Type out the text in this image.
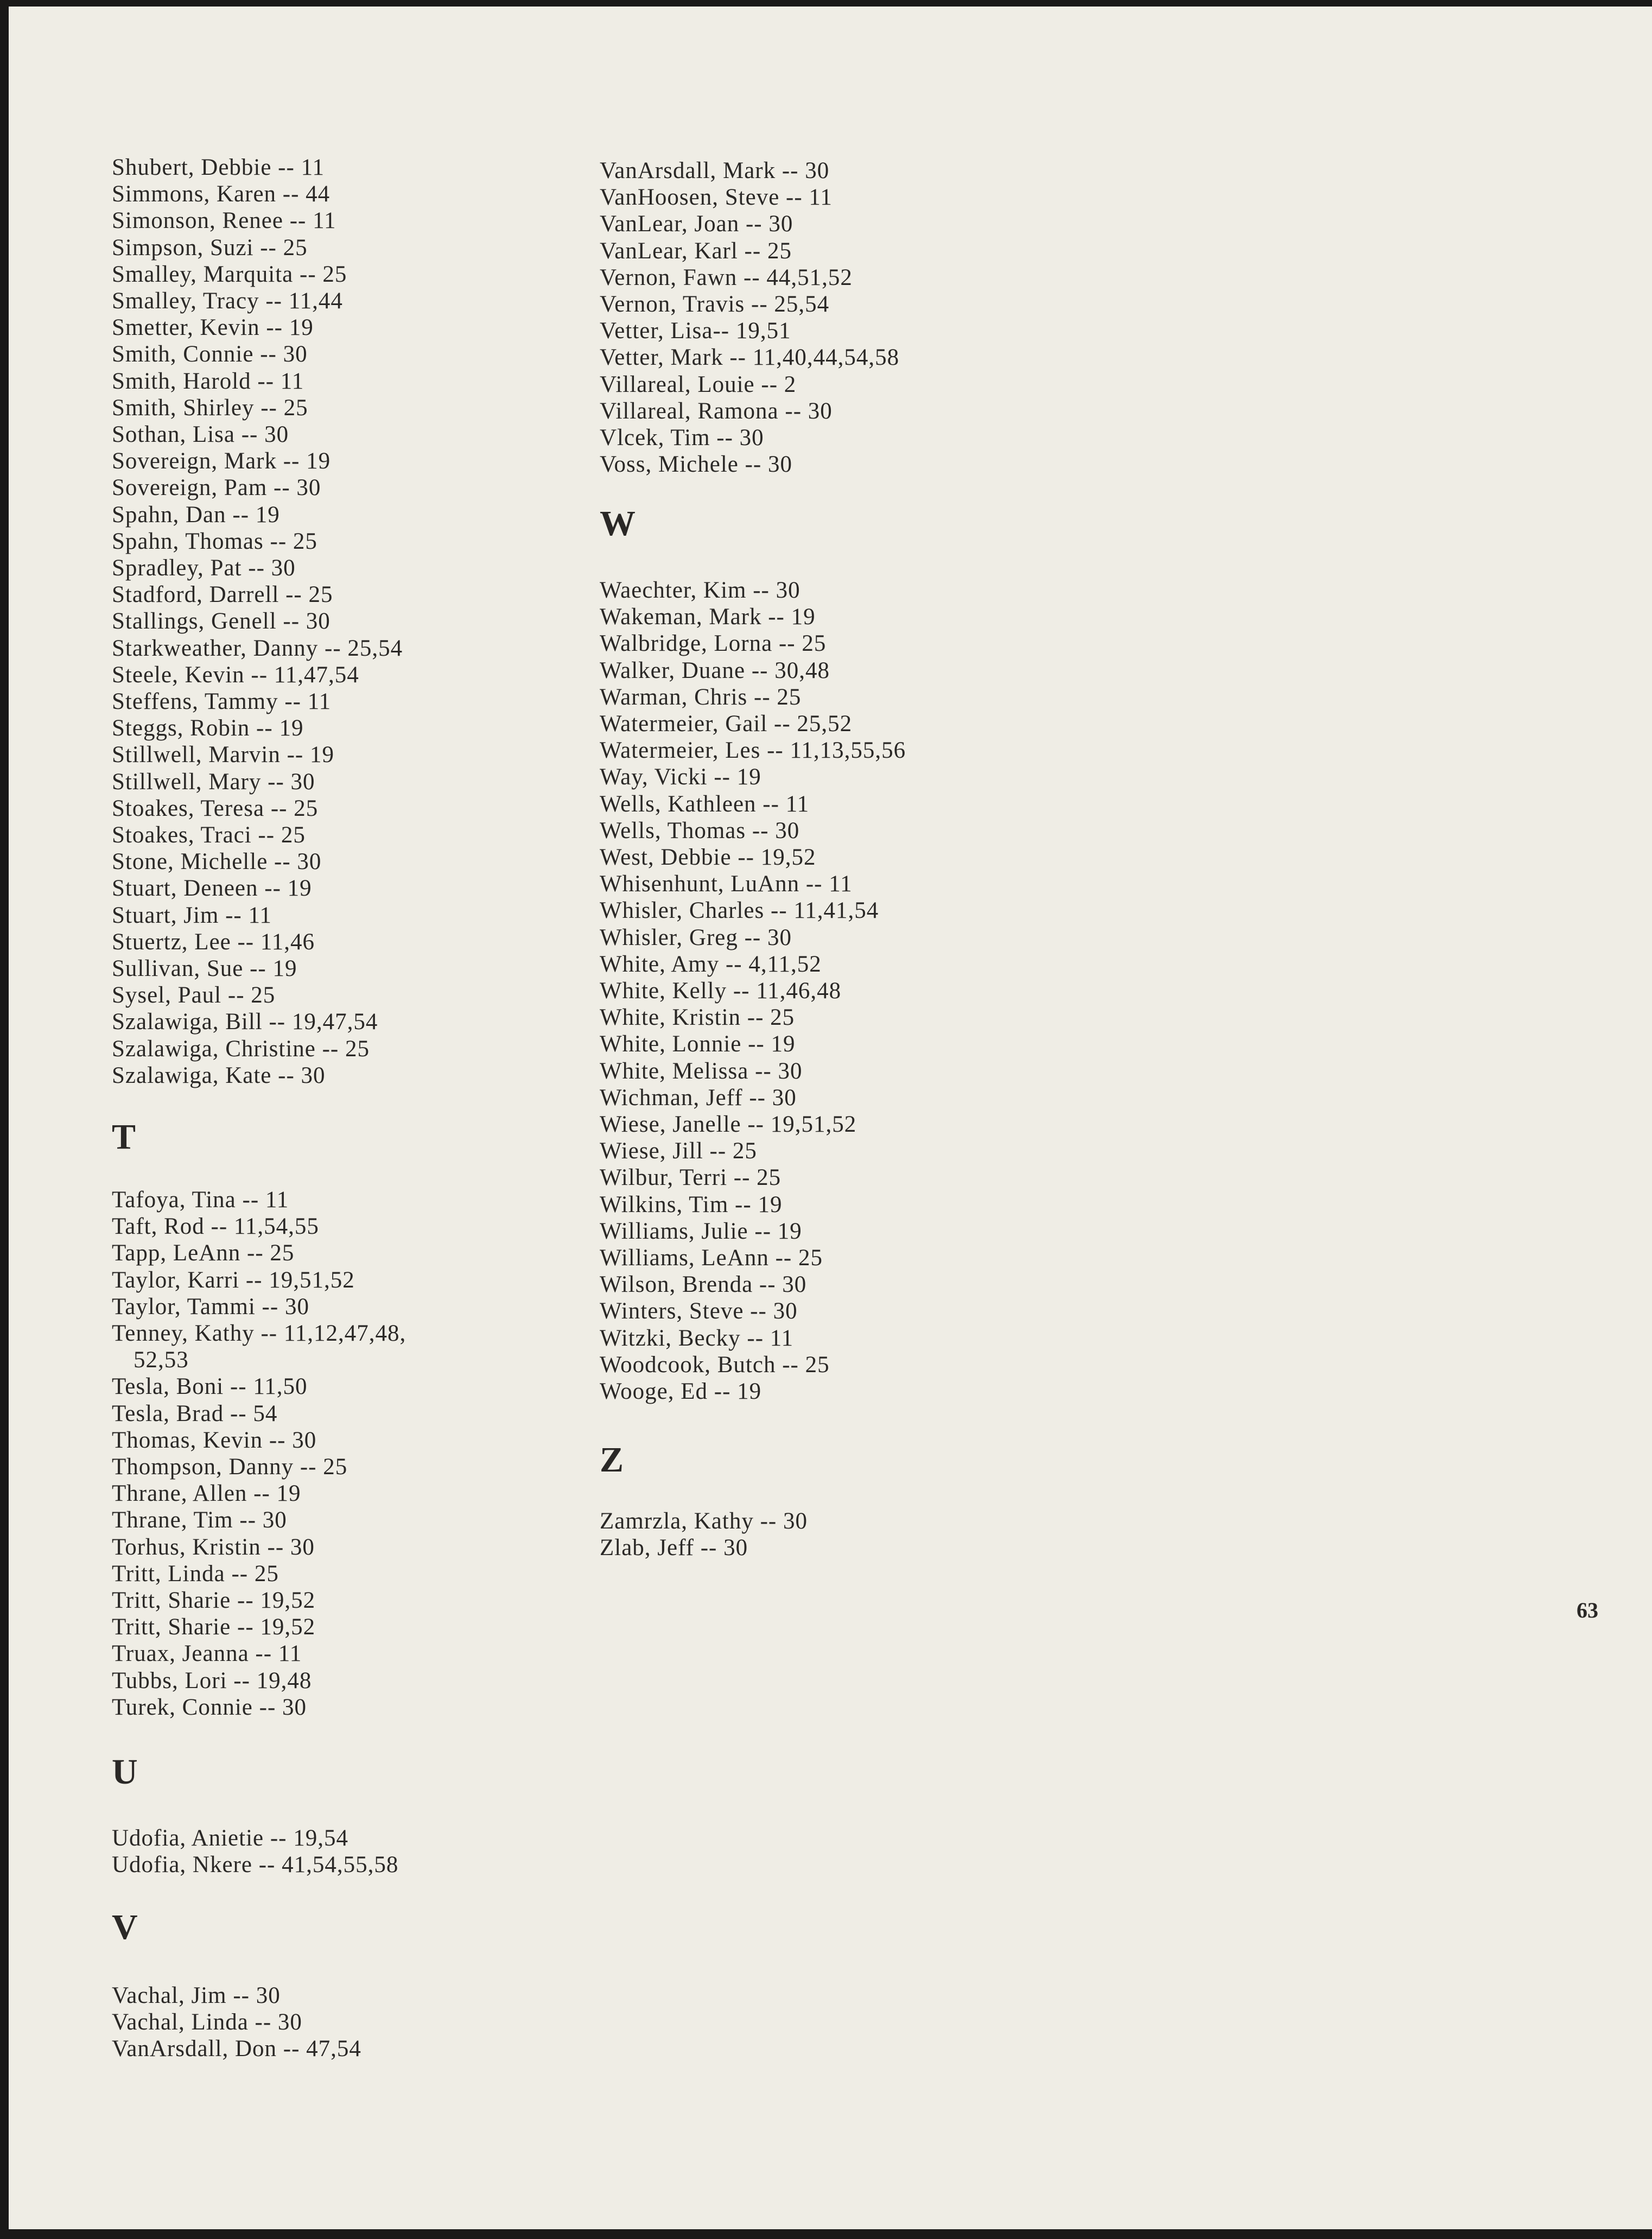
Shubert, Debbie -- 11
Simmons, Karen -- 44
Simonson, Renee -- 11
Simpson, Suzi -- 25
Smalley, Marquita -- 25
Smalley, Tracy -- 11,44
Smetter, Kevin -- 19
Smith, Connie -- 30
Smith, Harold -- 11
Smith, Shirley -- 25
Sothan, Lisa -- 30
Sovereign, Mark -- 19
Sovereign, Pam -- 30
Spahn, Dan -- 19
Spahn, Thomas -- 25
Spradley, Pat -- 30
Stadford, Darrell -- 25
Stallings, Genell -- 30
Starkweather, Danny -- 25,54
Steele, Kevin -- 11,47,54
Steffens, Tammy -- 11
Steggs, Robin -- 19
Stillwell, Marvin -- 19
Stillwell, Mary -- 30
Stoakes, Teresa -- 25
Stoakes, Traci -- 25
Stone, Michelle -- 30
Stuart, Deneen -- 19
Stuart, Jim -- 11
Stuertz, Lee -- 11,46
Sullivan, Sue -- 19
Sysel, Paul -- 25
Szalawiga, Bill -- 19,47,54
Szalawiga, Christine -- 25
Szalawiga, Kate -- 30
T
Tafoya, Tina -- 11
Taft, Rod -- 11,54,55
Tapp, LeAnn -- 25
Taylor, Karri -- 19,51,52
Taylor, Tammi -- 30
Tenney, Kathy -- 11,12,47,48,
52,53
Tesla, Boni -- 11,50
Tesla, Brad -- 54
Thomas, Kevin -- 30
Thompson, Danny -- 25
Thrane, Allen -- 19
Thrane, Tim -- 30
Torhus, Kristin -- 30
Tritt, Linda -- 25
Tritt, Sharie -- 19,52
Tritt, Sharie -- 19,52
Truax, Jeanna -- 11
Tubbs, Lori -- 19,48
Turek, Connie -- 30
U
Udofia, Anietie -- 19,54
Udofia, Nkere -- 41,54,55,58
V
Vachal, Jim -- 30
Vachal, Linda -- 30
VanArsdall, Don -- 47,54
VanArsdall, Mark -- 30
VanHoosen, Steve -- 11
VanLear, Joan -- 30
VanLear, Karl -- 25
Vernon, Fawn -- 44,51,52
Vernon, Travis -- 25,54
Vetter, Lisa-- 19,51
Vetter, Mark -- 11,40,44,54,58
Villareal, Louie -- 2
Villareal, Ramona -- 30
Vlcek, Tim -- 30
Voss, Michele -- 30
W
Waechter, Kim -- 30
Wakeman, Mark -- 19
Walbridge, Lorna -- 25
Walker, Duane -- 30,48
Warman, Chris -- 25
Watermeier, Gail -- 25,52
Watermeier, Les -- 11,13,55,56
Way, Vicki -- 19
Wells, Kathleen -- 11
Wells, Thomas -- 30
West, Debbie -- 19,52
Whisenhunt, LuAnn -- 11
Whisler, Charles -- 11,41,54
Whisler, Greg -- 30
White, Amy -- 4,11,52
White, Kelly -- 11,46,48
White, Kristin -- 25
White, Lonnie -- 19
White, Melissa -- 30
Wichman, Jeff -- 30
Wiese, Janelle -- 19,51,52
Wiese, Jill -- 25
Wilbur, Terri -- 25
Wilkins, Tim -- 19
Williams, Julie -- 19
Williams, LeAnn -- 25
Wilson, Brenda -- 30
Winters, Steve -- 30
Witzki, Becky -- 11
Woodcook, Butch -- 25
Wooge, Ed -- 19
Z
Zamrzla, Kathy -- 30
Zlab, Jeff -- 30
63
